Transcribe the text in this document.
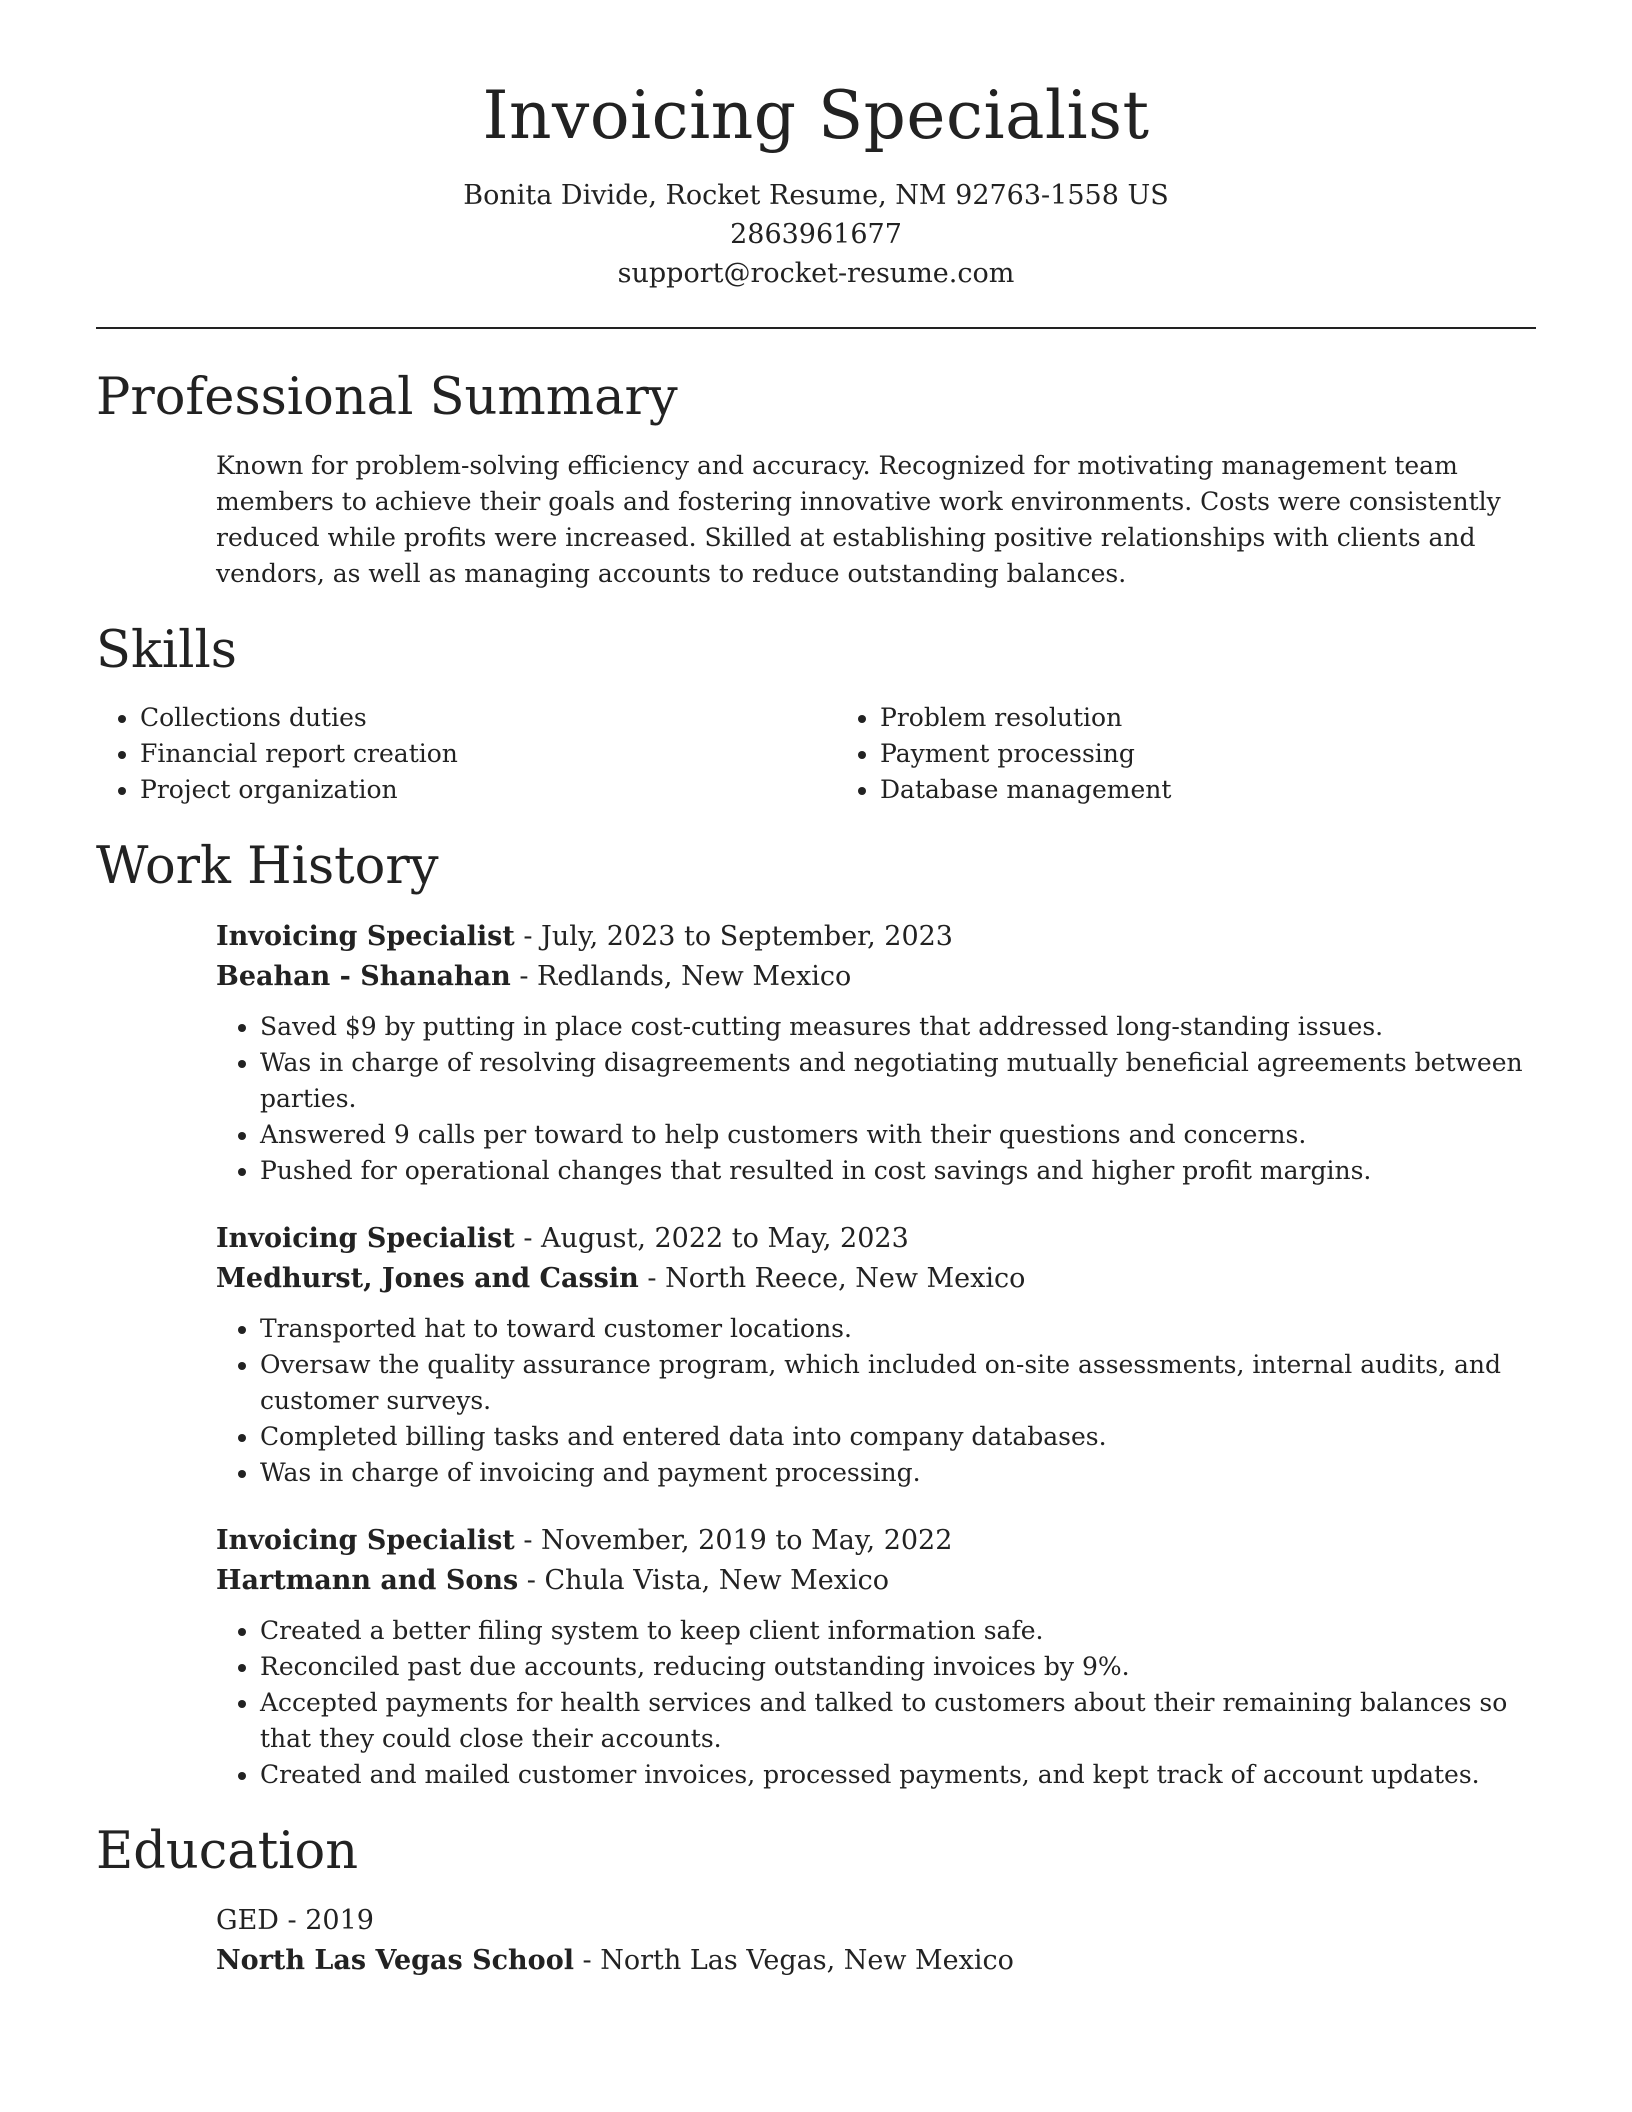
Invoicing Specialist

Bonita Divide, Rocket Resume, NM 92763-1558 US

2863961677

support@rocket-resume.com

Professional Summary

Known for problem-solving efficiency and accuracy. Recognized for motivating management team members to achieve their goals and fostering innovative work environments. Costs were consistently reduced while profits were increased. Skilled at establishing positive relationships with clients and vendors, as well as managing accounts to reduce outstanding balances.

Skills
• Collections duties
• Financial report creation
• Project organization
• Problem resolution
• Payment processing
• Database management
Work History

Invoicing Specialist - July, 2023 to September, 2023

Beahan - Shanahan - Redlands, New Mexico

• Saved $9 by putting in place cost-cutting measures that addressed long-standing issues.
• Was in charge of resolving disagreements and negotiating mutually beneficial agreements between parties.
• Answered 9 calls per toward to help customers with their questions and concerns.
• Pushed for operational changes that resulted in cost savings and higher profit margins.

Invoicing Specialist - August, 2022 to May, 2023

Medhurst, Jones and Cassin - North Reece, New Mexico

• Transported hat to toward customer locations.
• Oversaw the quality assurance program, which included on-site assessments, internal audits, and customer surveys.
• Completed billing tasks and entered data into company databases.
• Was in charge of invoicing and payment processing.

Invoicing Specialist - November, 2019 to May, 2022

Hartmann and Sons - Chula Vista, New Mexico

• Created a better filing system to keep client information safe.
• Reconciled past due accounts, reducing outstanding invoices by 9%.
• Accepted payments for health services and talked to customers about their remaining balances so that they could close their accounts.
• Created and mailed customer invoices, processed payments, and kept track of account updates.
Education

GED - 2019

North Las Vegas School - North Las Vegas, New Mexico
